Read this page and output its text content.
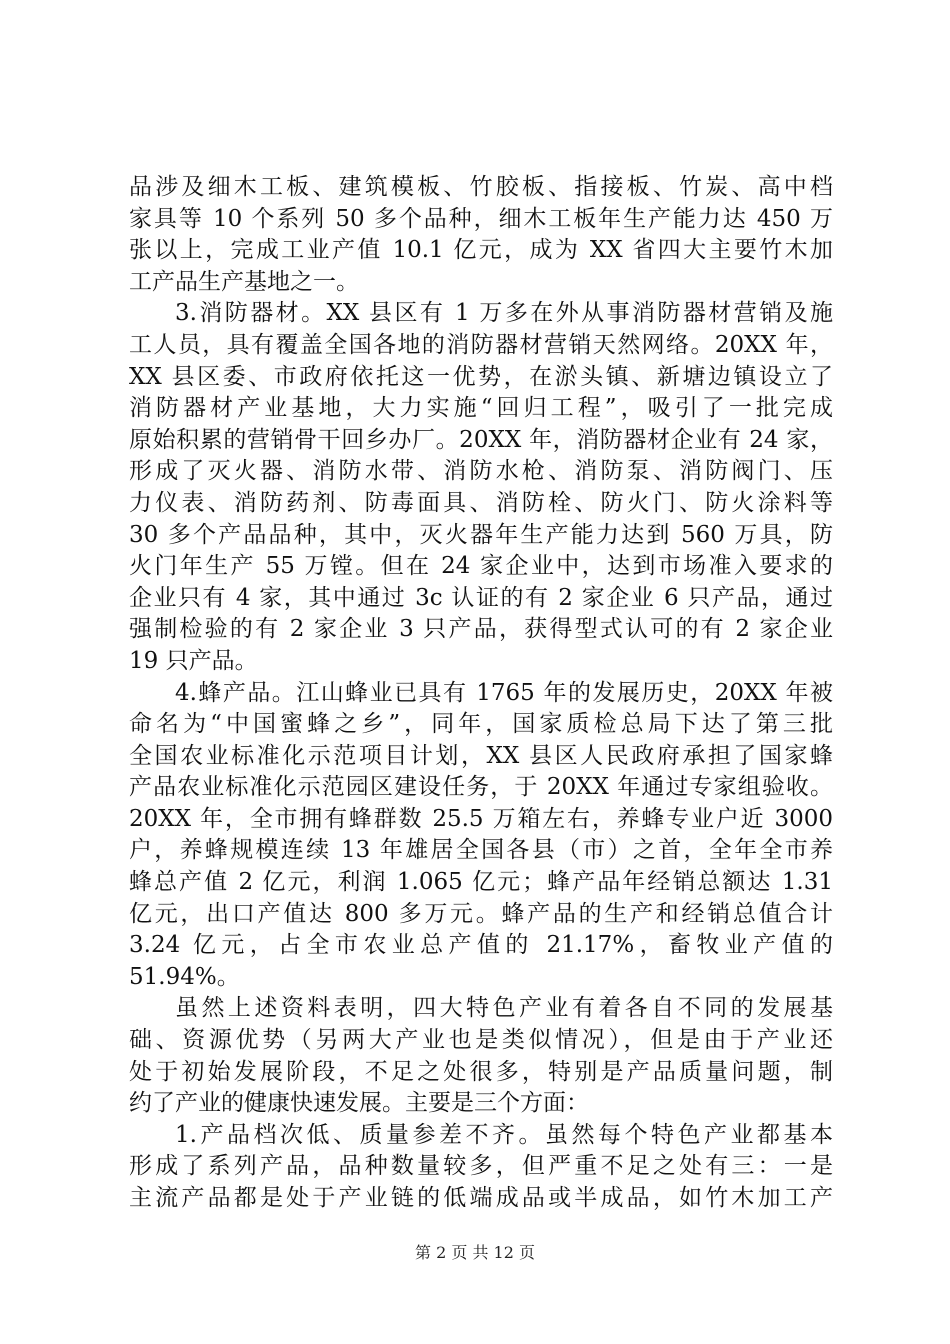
品涉及细木工板、建筑模板、竹胶板、指接板、竹炭、高中档
家具等 10 个系列 50 多个品种，细木工板年生产能力达 450 万
张以上，完成工业产值 10.1 亿元，成为 XX 省四大主要竹木加
工产品生产基地之一。
3.消防器材。XX 县区有 1 万多在外从事消防器材营销及施
工人员，具有覆盖全国各地的消防器材营销天然网络。20XX 年，
XX 县区委、市政府依托这一优势，在淤头镇、新塘边镇设立了
消防器材产业基地，大力实施“回归工程”，吸引了一批完成
原始积累的营销骨干回乡办厂。20XX 年，消防器材企业有 24 家，
形成了灭火器、消防水带、消防水枪、消防泵、消防阀门、压
力仪表、消防药剂、防毒面具、消防栓、防火门、防火涂料等
30 多个产品品种，其中，灭火器年生产能力达到 560 万具，防
火门年生产 55 万镗。但在 24 家企业中，达到市场准入要求的
企业只有 4 家，其中通过 3c 认证的有 2 家企业 6 只产品，通过
强制检验的有 2 家企业 3 只产品，获得型式认可的有 2 家企业
19 只产品。
4.蜂产品。江山蜂业已具有 1765 年的发展历史，20XX 年被
命名为“中国蜜蜂之乡”，同年，国家质检总局下达了第三批
全国农业标准化示范项目计划，XX 县区人民政府承担了国家蜂
产品农业标准化示范园区建设任务，于 20XX 年通过专家组验收。
20XX 年，全市拥有蜂群数 25.5 万箱左右，养蜂专业户近 3000
户，养蜂规模连续 13 年雄居全国各县（市）之首，全年全市养
蜂总产值 2 亿元，利润 1.065 亿元；蜂产品年经销总额达 1.31
亿元，出口产值达 800 多万元。蜂产品的生产和经销总值合计
3.24 亿元，占全市农业总产值的 21.17%，畜牧业产值的
51.94%。
虽然上述资料表明，四大特色产业有着各自不同的发展基
础、资源优势（另两大产业也是类似情况），但是由于产业还
处于初始发展阶段，不足之处很多，特别是产品质量问题，制
约了产业的健康快速发展。主要是三个方面：
1.产品档次低、质量参差不齐。虽然每个特色产业都基本
形成了系列产品，品种数量较多，但严重不足之处有三：一是
主流产品都是处于产业链的低端成品或半成品，如竹木加工产
第 2 页 共 12 页
